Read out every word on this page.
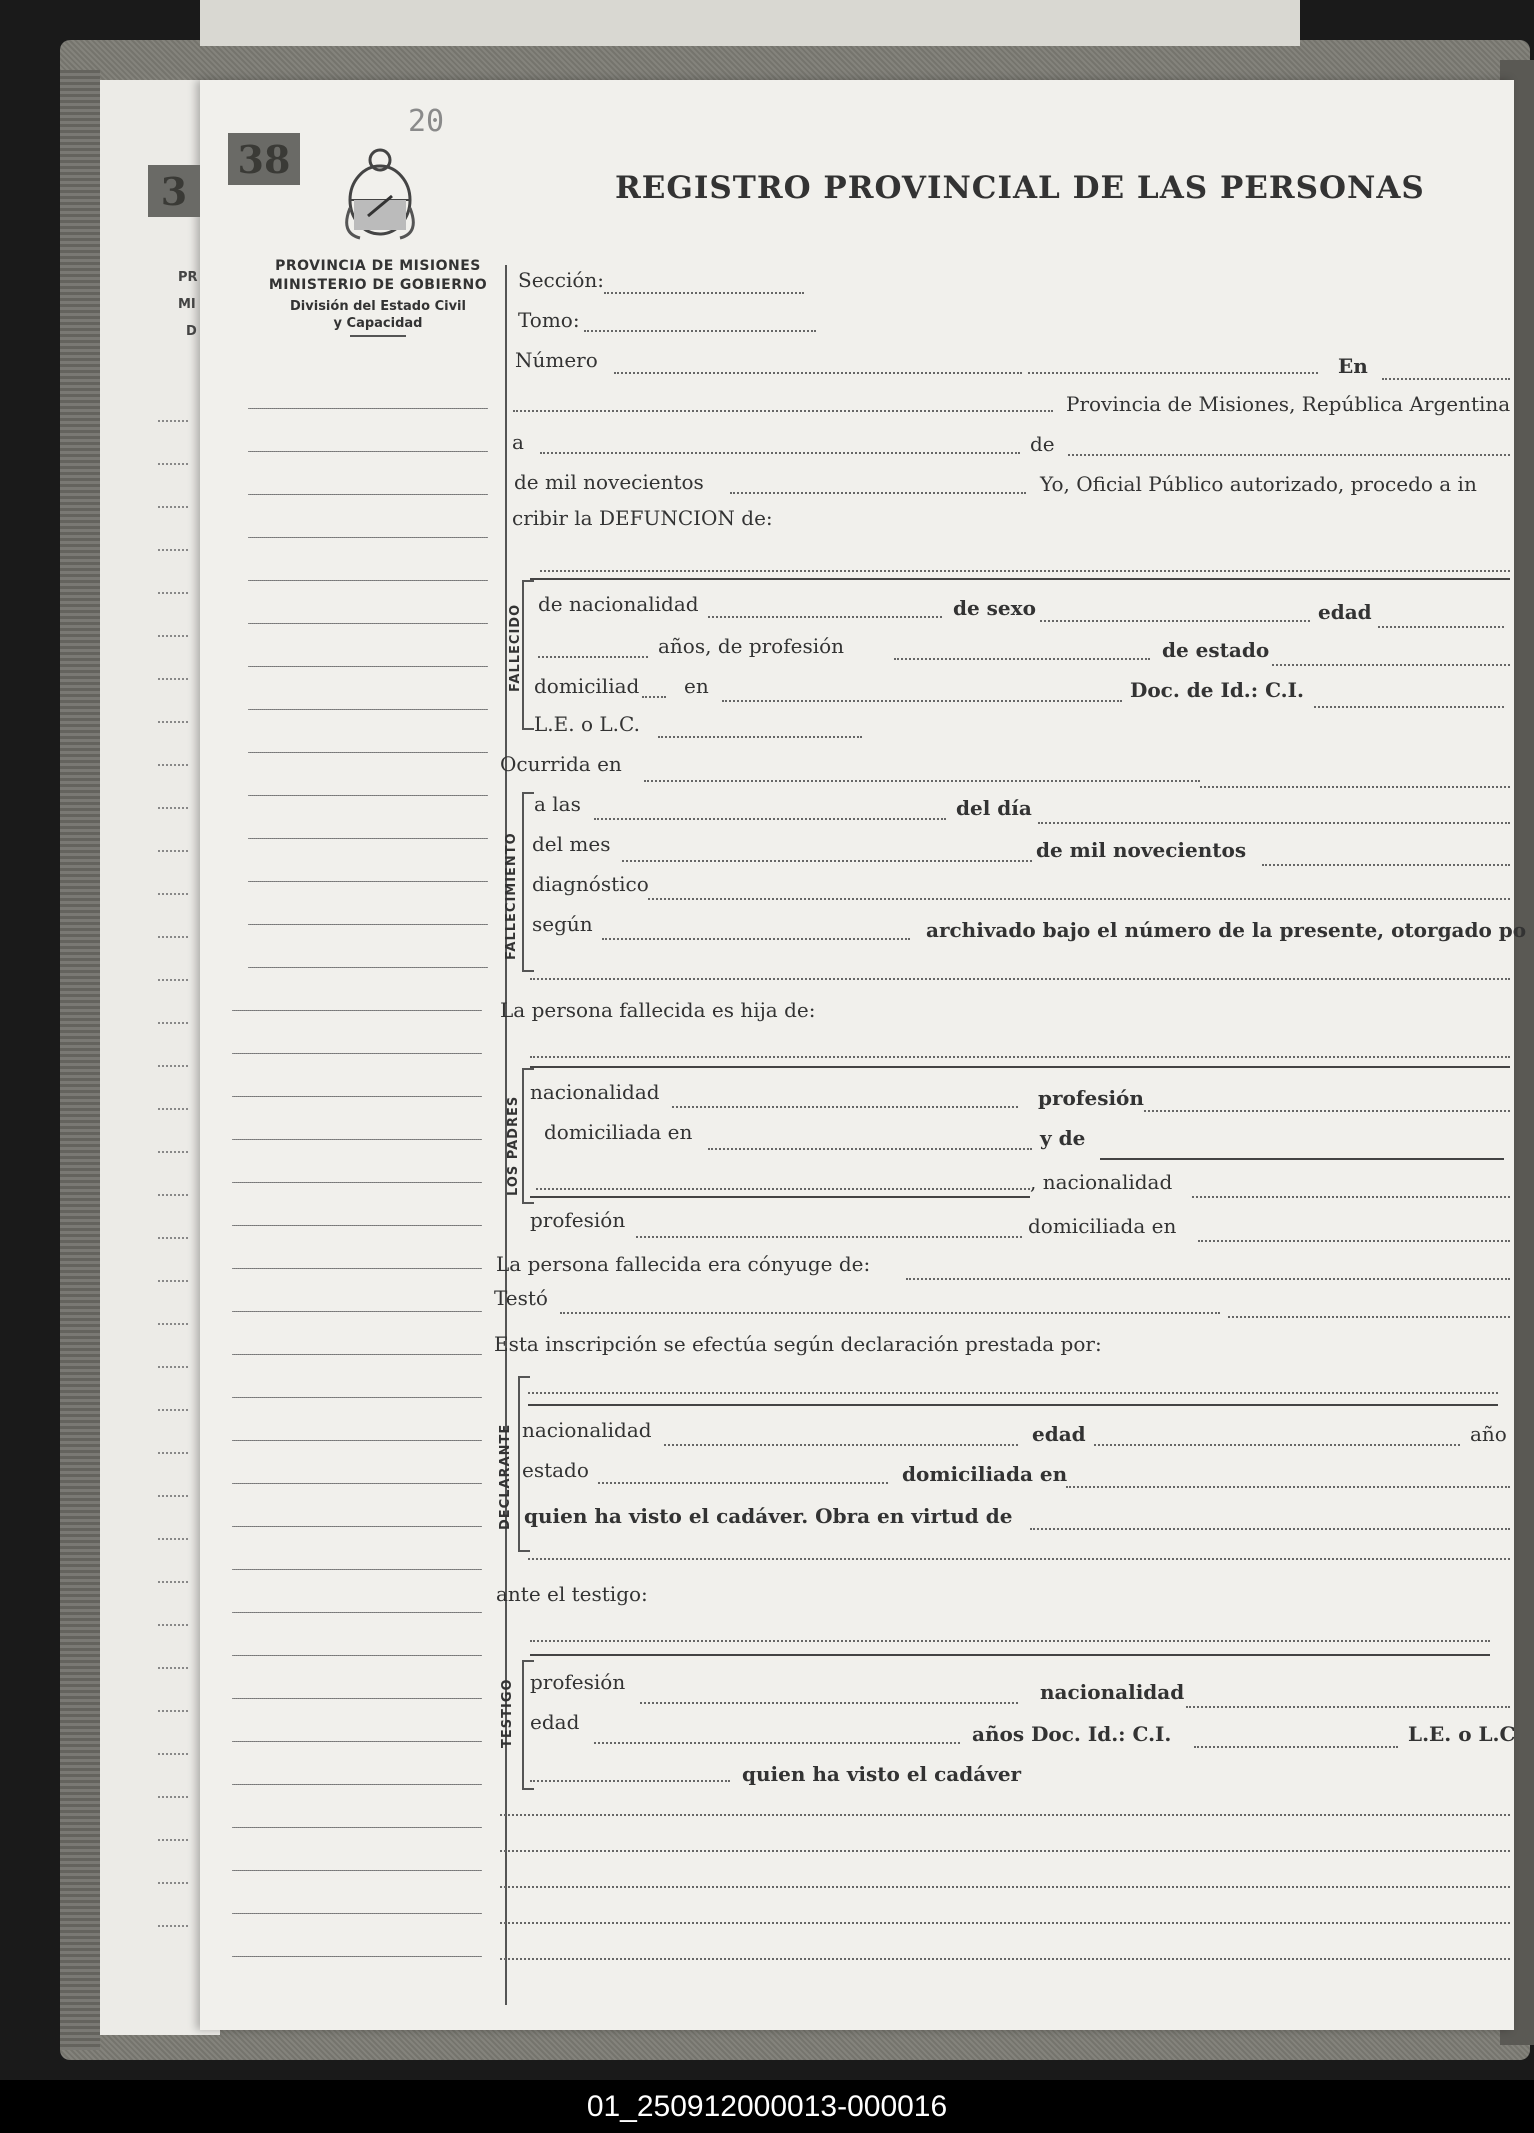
3
PR
MI
D
38
20
REGISTRO PROVINCIAL DE LAS PERSONAS
PROVINCIA DE MISIONES
MINISTERIO DE GOBIERNO
División del Estado Civil
y Capacidad
Sección:
Tomo:
Número	En
Provincia de Misiones, República Argentina
a	de
de mil novecientos	Yo, Oficial Público autorizado, procedo a in
cribir la DEFUNCION de:
FALLECIDO de nacionalidad	de sexo	edad
años, de profesión	de estado
domiciliad en	Doc. de Id.: C.I.
L.E. o L.C.
Ocurrida en
FALLECIMIENTO
a las	del día
del mes	de mil novecientos
diagnóstico
según	archivado bajo el número de la presente, otorgado po
La persona fallecida es hija de:
LOS PADRES
nacionalidad	profesión
domiciliada en	y de
, nacionalidad
profesión	domiciliada en
La persona fallecida era cónyuge de:
Testó
Esta inscripción se efectúa según declaración prestada por:
DECLARANTE nacionalidad	edad	año
estado	domiciliada en
quien ha visto el cadáver. Obra en virtud de
ante el testigo:
TESTIGO profesión	nacionalidad
edad	años Doc. Id.: C.I.	L.E. o L.C
quien ha visto el cadáver
01_250912000013-000016
